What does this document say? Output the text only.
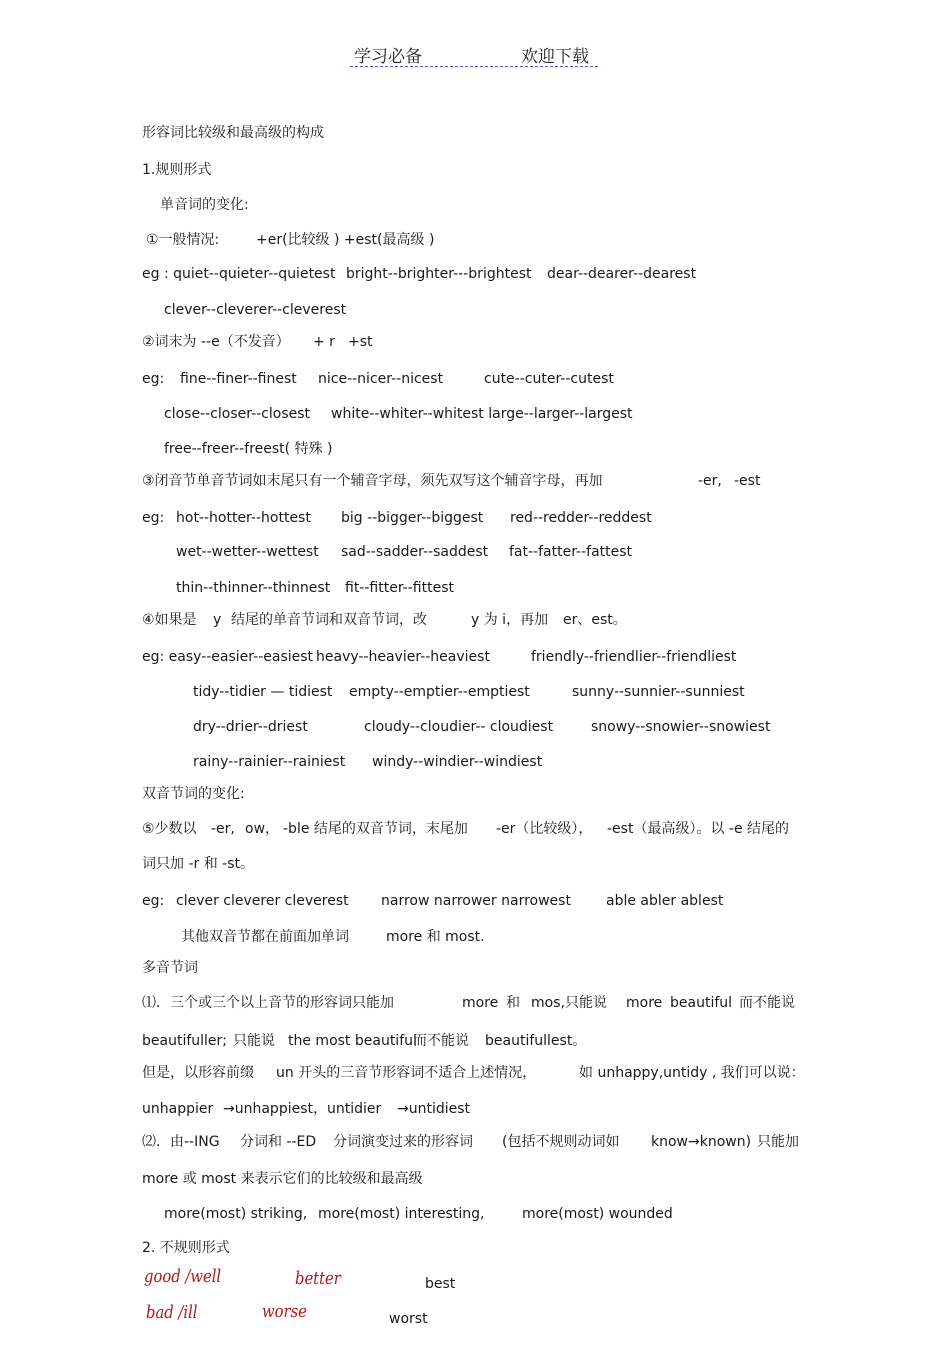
学习必备	欢迎下载
形容词比较级和最高级的构成
1.规则形式
单音词的变化:
①一般情况:	+er(比较级 ) +est(最高级 )
eg : quiet--quieter--quietest bright--brighter---brightest dear--dearer--dearest
clever--cleverer--cleverest
②词末为 --e（不发音） + r +st
eg: fine--finer--finest nice--nicer--nicest	cute--cuter--cutest
close--closer--closest white--whiter--whitest large--larger--largest
free--freer--freest( 特殊 )
③闭音节单音节词如末尾只有一个辅音字母，须先双写这个辅音字母，再加	-er, -est
eg: hot--hotter--hottest big --bigger--biggest red--redder--reddest
wet--wetter--wettest sad--sadder--saddest fat--fatter--fattest
thin--thinner--thinnest fit--fitter--fittest
④如果是 y 结尾的单音节词和双音节词，改	y 为 i，再加 er、est。
eg: easy--easier--easiest heavy--heavier--heaviest	friendly--friendlier--friendliest
tidy--tidier — tidiest empty--emptier--emptiest	sunny--sunnier--sunniest
dry--drier--driest	cloudy--cloudier-- cloudiest	snowy--snowier--snowiest
rainy--rainier--rainiest windy--windier--windiest
双音节词的变化:
⑤少数以 -er, ow， -ble 结尾的双音节词，末尾加 -er（比较级）， -est（最高级）。以 -e 结尾的
词只加 -r 和 -st。
eg: clever cleverer cleverest narrow narrower narrowest	able abler ablest
其他双音节都在前面加单词	more 和 most.
多音节词
⑴．三个或三个以上音节的形容词只能加	more 和 mos,只能说 more beautiful 而不能说
beautifuller; 只能说 the most beautiful
而不能说 beautifullest。
但是，以形容前缀 un 开头的三音节形容词不适合上述情况，	如 unhappy,untidy , 我们可以说：
unhappier →unhappiest，untidier →untidiest
⑵．由--ING 分词和 --ED 分词演变过来的形容词 (包括不规则动词如 know→known) 只能加
more 或 most 来表示它们的比较级和最高级
more(most) striking, more(most) interesting,	more(most) wounded
2. 不规则形式
good /well	better	best
bad /ill	worse	worst
